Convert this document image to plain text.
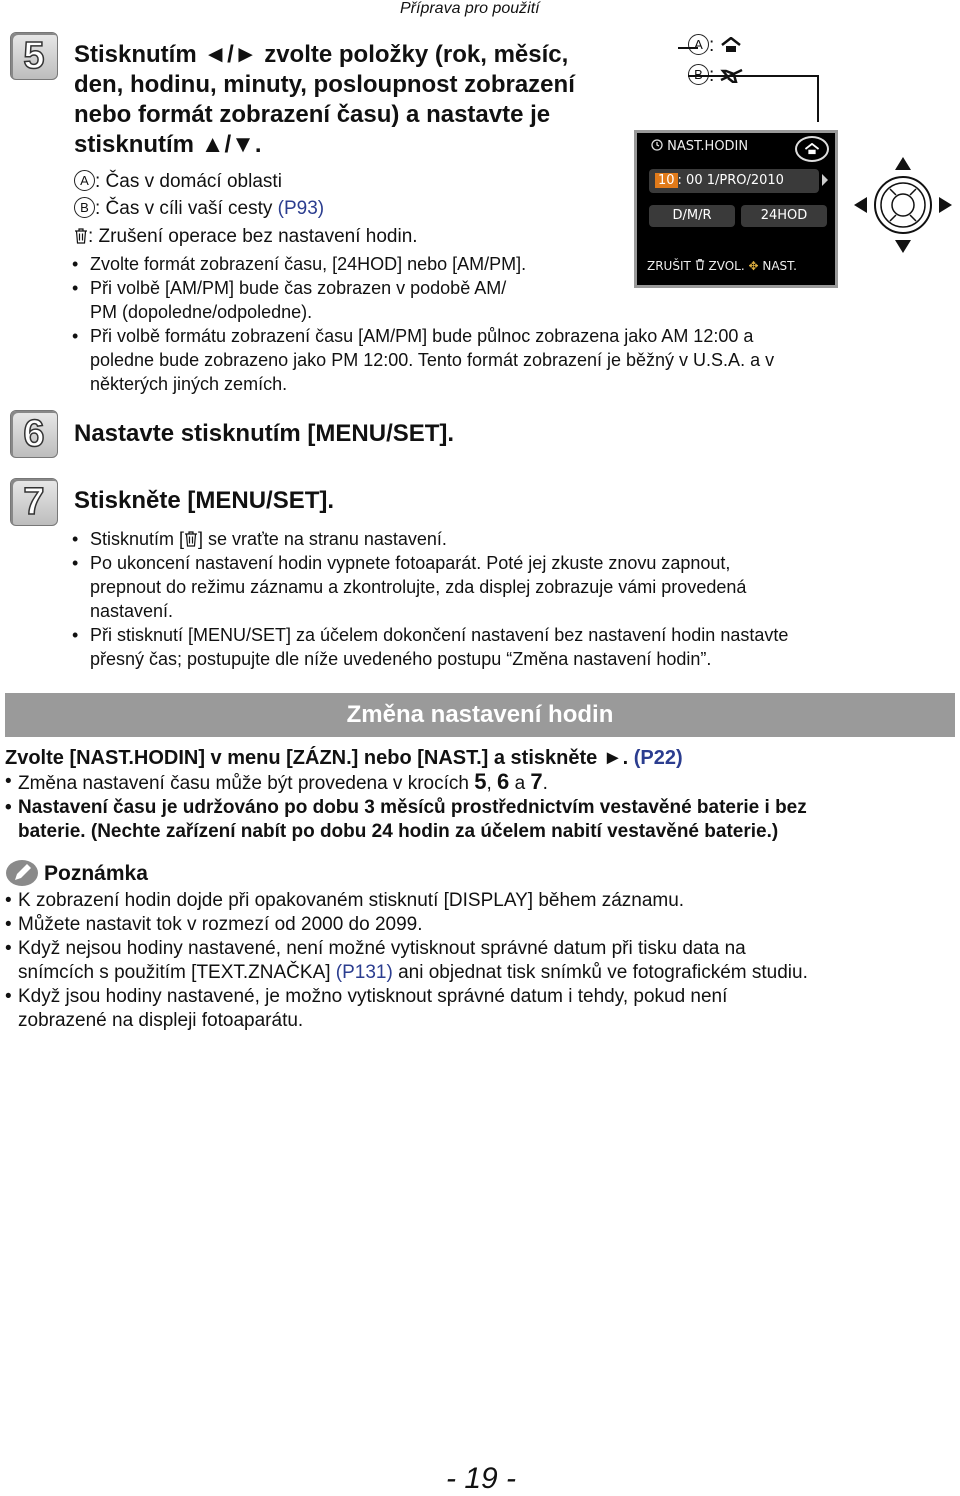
Příprava pro použití
5	Stisknutím ◄/► zvolte položky (rok, měsíc,
den, hodinu, minuty, posloupnost zobrazení
nebo formát zobrazení času) a nastavte je
stisknutím ▲/▼.
A : Čas v domácí oblasti
B : Čas v cíli vaší cesty (P93)
: Zrušení operace bez nastavení hodin.
• Zvolte formát zobrazení času, [24HOD] nebo [AM/PM].
• Při volbě [AM/PM] bude čas zobrazen v podobě AM/
PM (dopoledne/odpoledne).
• Při volbě formátu zobrazení času [AM/PM] bude půlnoc zobrazena jako AM 12:00 a
poledne bude zobrazeno jako PM 12:00. Tento formát zobrazení je běžný v U.S.A. a v
některých jiných zemích.
A :
B :
NAST.HODIN
10 : 00 1/PRO/2010
D/M/R	24HOD
ZRUŠIT ZVOL. ✥ NAST.
6	Nastavte stisknutím [MENU/SET].
7	Stiskněte [MENU/SET].
• Stisknutím [ ] se vraťte na stranu nastavení.
• Po ukoncení nastavení hodin vypnete fotoaparát. Poté jej zkuste znovu zapnout,
prepnout do režimu záznamu a zkontrolujte, zda displej zobrazuje vámi provedená
nastavení.
• Při stisknutí [MENU/SET] za účelem dokončení nastavení bez nastavení hodin nastavte
přesný čas; postupujte dle níže uvedeného postupu “Změna nastavení hodin”.
Změna nastavení hodin
Zvolte [NAST.HODIN] v menu [ZÁZN.] nebo [NAST.] a stiskněte ►. (P22)
• Změna nastavení času může být provedena v krocích 5, 6 a 7.
• Nastavení času je udržováno po dobu 3 měsíců prostřednictvím vestavěné baterie i bez
baterie. (Nechte zařízení nabít po dobu 24 hodin za účelem nabití vestavěné baterie.)
Poznámka
• K zobrazení hodin dojde při opakovaném stisknutí [DISPLAY] během záznamu.
• Můžete nastavit tok v rozmezí od 2000 do 2099.
• Když nejsou hodiny nastavené, není možné vytisknout správné datum při tisku data na
snímcích s použitím [TEXT.ZNAČKA] (P131) ani objednat tisk snímků ve fotografickém studiu.
• Když jsou hodiny nastavené, je možno vytisknout správné datum i tehdy, pokud není
zobrazené na displeji fotoaparátu.
- 19 -
